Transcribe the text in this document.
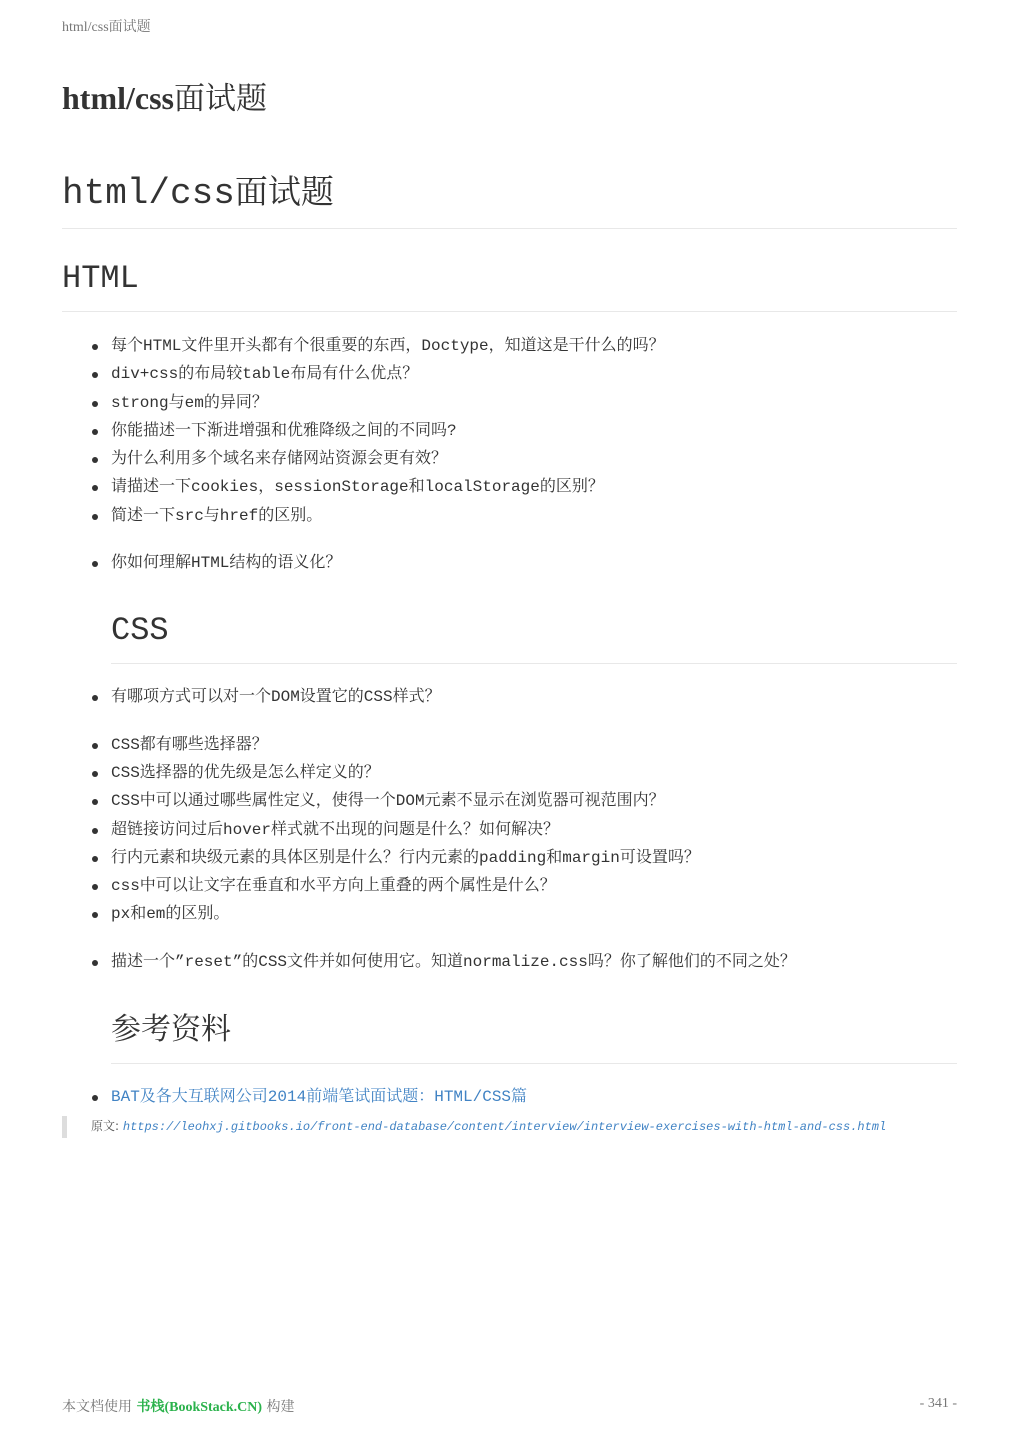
html/css面试题
html/css面试题
html/css面试题
HTML
每个HTML文件里开头都有个很重要的东西，Doctype，知道这是干什么的吗？
div+css的布局较table布局有什么优点？
strong与em的异同？
你能描述一下渐进增强和优雅降级之间的不同吗?
为什么利用多个域名来存储网站资源会更有效？
请描述一下cookies，sessionStorage和localStorage的区别？
简述一下src与href的区别。
你如何理解HTML结构的语义化？
CSS
有哪项方式可以对一个DOM设置它的CSS样式？
CSS都有哪些选择器？
CSS选择器的优先级是怎么样定义的？
CSS中可以通过哪些属性定义，使得一个DOM元素不显示在浏览器可视范围内？
超链接访问过后hover样式就不出现的问题是什么？如何解决？
行内元素和块级元素的具体区别是什么？行内元素的padding和margin可设置吗？
css中可以让文字在垂直和水平方向上重叠的两个属性是什么？
px和em的区别。
描述一个”reset”的CSS文件并如何使用它。知道normalize.css吗？你了解他们的不同之处？
参考资料
BAT及各大互联网公司2014前端笔试面试题：HTML/CSS篇
原文: https://leohxj.gitbooks.io/front-end-database/content/interview/interview-exercises-with-html-and-css.html
本文档使用 书栈(BookStack.CN) 构建	- 341 -
